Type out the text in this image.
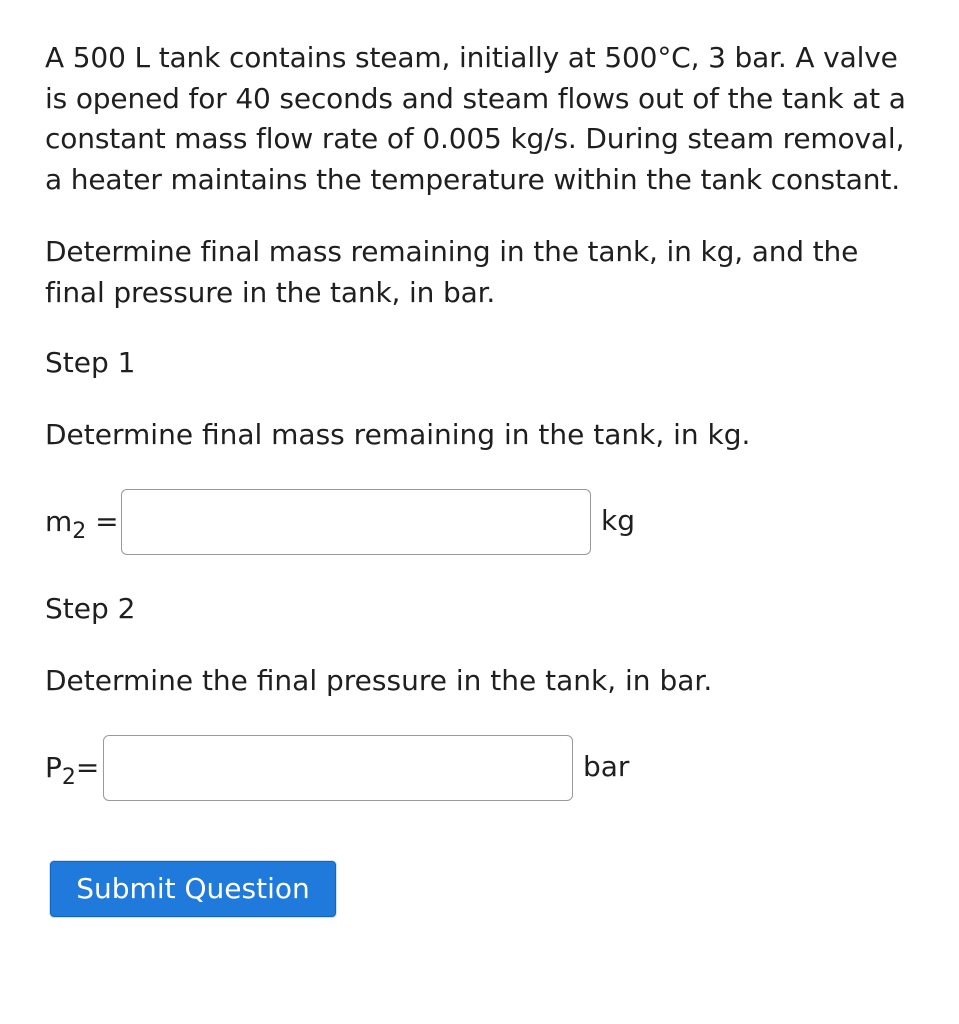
A 500 L tank contains steam, initially at 500°C, 3 bar. A valve is opened for 40 seconds and steam flows out of the tank at a constant mass flow rate of 0.005 kg/s. During steam removal, a heater maintains the temperature within the tank constant.

Determine final mass remaining in the tank, in kg, and the final pressure in the tank, in bar.

Step 1

Determine final mass remaining in the tank, in kg.

$m_2$ =	kg

Step 2

Determine the final pressure in the tank, in bar.

$P_2=$	bar
Submit Question
